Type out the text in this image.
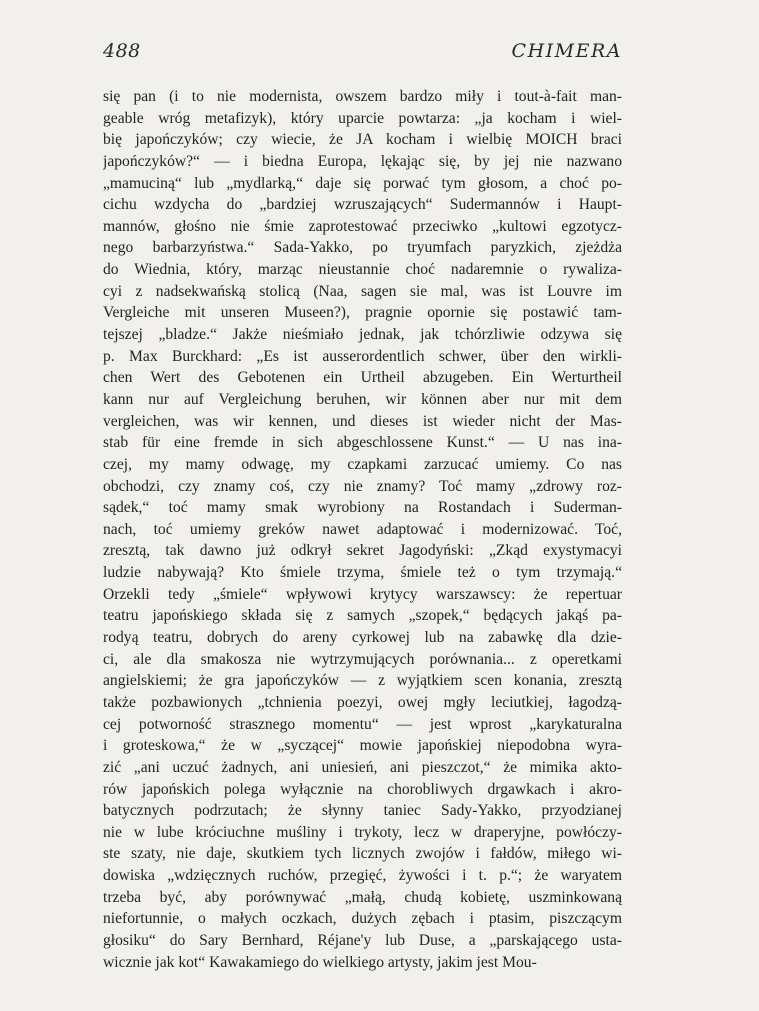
488	CHIMERA
się pan (i to nie modernista, owszem bardzo miły i tout-à-fait man-
geable wróg metafizyk), który uparcie powtarza: „ja kocham i wiel-
bię japończyków; czy wiecie, że JA kocham i wielbię MOICH braci
japończyków?“ — i biedna Europa, lękając się, by jej nie nazwano
„mamuciną“ lub „mydlarką,“ daje się porwać tym głosom, a choć po-
cichu wzdycha do „bardziej wzruszających“ Sudermannów i Haupt-
mannów, głośno nie śmie zaprotestować przeciwko „kultowi egzotycz-
nego barbarzyństwa.“ Sada-Yakko, po tryumfach paryzkich, zjeżdża
do Wiednia, który, marząc nieustannie choć nadaremnie o rywaliza-
cyi z nadsekwańską stolicą (Naa, sagen sie mal, was ist Louvre im
Vergleiche mit unseren Museen?), pragnie opornie się postawić tam-
tejszej „bladze.“ Jakże nieśmiało jednak, jak tchórzliwie odzywa się
p. Max Burckhard: „Es ist ausserordentlich schwer, über den wirkli-
chen Wert des Gebotenen ein Urtheil abzugeben. Ein Werturtheil
kann nur auf Vergleichung beruhen, wir können aber nur mit dem
vergleichen, was wir kennen, und dieses ist wieder nicht der Mas-
stab für eine fremde in sich abgeschlossene Kunst.“ — U nas ina-
czej, my mamy odwagę, my czapkami zarzucać umiemy. Co nas
obchodzi, czy znamy coś, czy nie znamy? Toć mamy „zdrowy roz-
sądek,“ toć mamy smak wyrobiony na Rostandach i Suderman-
nach, toć umiemy greków nawet adaptować i modernizować. Toć,
zresztą, tak dawno już odkrył sekret Jagodyński: „Zkąd exystymacyi
ludzie nabywają? Kto śmiele trzyma, śmiele też o tym trzymają.“
Orzekli tedy „śmiele“ wpływowi krytycy warszawscy: że repertuar
teatru japońskiego składa się z samych „szopek,“ będących jakąś pa-
rodyą teatru, dobrych do areny cyrkowej lub na zabawkę dla dzie-
ci, ale dla smakosza nie wytrzymujących porównania... z operetkami
angielskiemi; że gra japończyków — z wyjątkiem scen konania, zresztą
także pozbawionych „tchnienia poezyi, owej mgły leciutkiej, łagodzą-
cej potworność strasznego momentu“ — jest wprost „karykaturalna
i groteskowa,“ że w „syczącej“ mowie japońskiej niepodobna wyra-
zić „ani uczuć żadnych, ani uniesień, ani pieszczot,“ że mimika akto-
rów japońskich polega wyłącznie na chorobliwych drgawkach i akro-
batycznych podrzutach; że słynny taniec Sady-Yakko, przyodzianej
nie w lube króciuchne muśliny i trykoty, lecz w draperyjne, powłóczy-
ste szaty, nie daje, skutkiem tych licznych zwojów i fałdów, miłego wi-
dowiska „wdzięcznych ruchów, przegięć, żywości i t. p.“; że waryatem
trzeba być, aby porównywać „małą, chudą kobietę, uszminkowaną
niefortunnie, o małych oczkach, dużych zębach i ptasim, piszczącym
głosiku“ do Sary Bernhard, Réjane'y lub Duse, a „parskającego usta-
wicznie jak kot“ Kawakamiego do wielkiego artysty, jakim jest Mou-
